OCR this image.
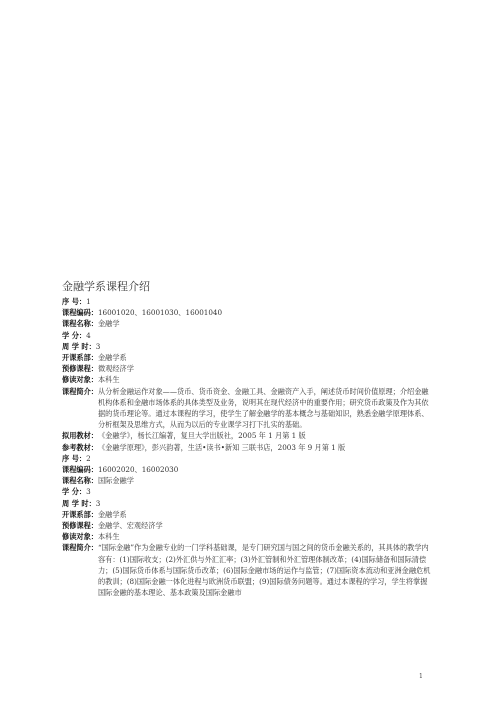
金融学系课程介绍
序 号： 1
课程编码： 16001020、16001030、16001040
课程名称： 金融学
学 分： 4
周 学 时： 3
开课系部： 金融学系
预修课程： 微观经济学
修读对象： 本科生
课程简介： 从分析金融运作对象——货币、货币资金、金融工具、金融资产入手，阐述货币时间价值原理；介绍金融机构体系和金融市场体系的具体类型及业务，说明其在现代经济中的重要作用；研究货币政策及作为其依据的货币理论等。通过本课程的学习，使学生了解金融学的基本概念与基础知识，熟悉金融学原理体系、分析框架及思维方式，从而为以后的专业课学习打下扎实的基础。
拟用教材： 《金融学》，杨长江编著，复旦大学出版社，2005 年 1 月第 1 版
参考教材： 《金融学原理》，彭兴韵著，生活•读书•新知 三联书店，2003 年 9 月第 1 版
序 号： 2
课程编码： 16002020、16002030
课程名称： 国际金融学
学 分： 3
周 学 时： 3
开课系部： 金融学系
预修课程： 金融学、宏观经济学
修读对象： 本科生
课程简介： “国际金融”作为金融专业的一门学科基础课，是专门研究国与国之间的货币金融关系的，其具体的教学内容有：(1)国际收支；(2)外汇供与外汇汇率；(3)外汇管制和外汇管理体制改革；(4)国际储备和国际清偿力；(5)国际货币体系与国际货币改革；(6)国际金融市场的运作与监管；(7)国际资本流动和亚洲金融危机的教训；(8)国际金融一体化进程与欧洲货币联盟；(9)国际债务问题等。通过本课程的学习，学生将掌握国际金融的基本理论、基本政策及国际金融市
1
